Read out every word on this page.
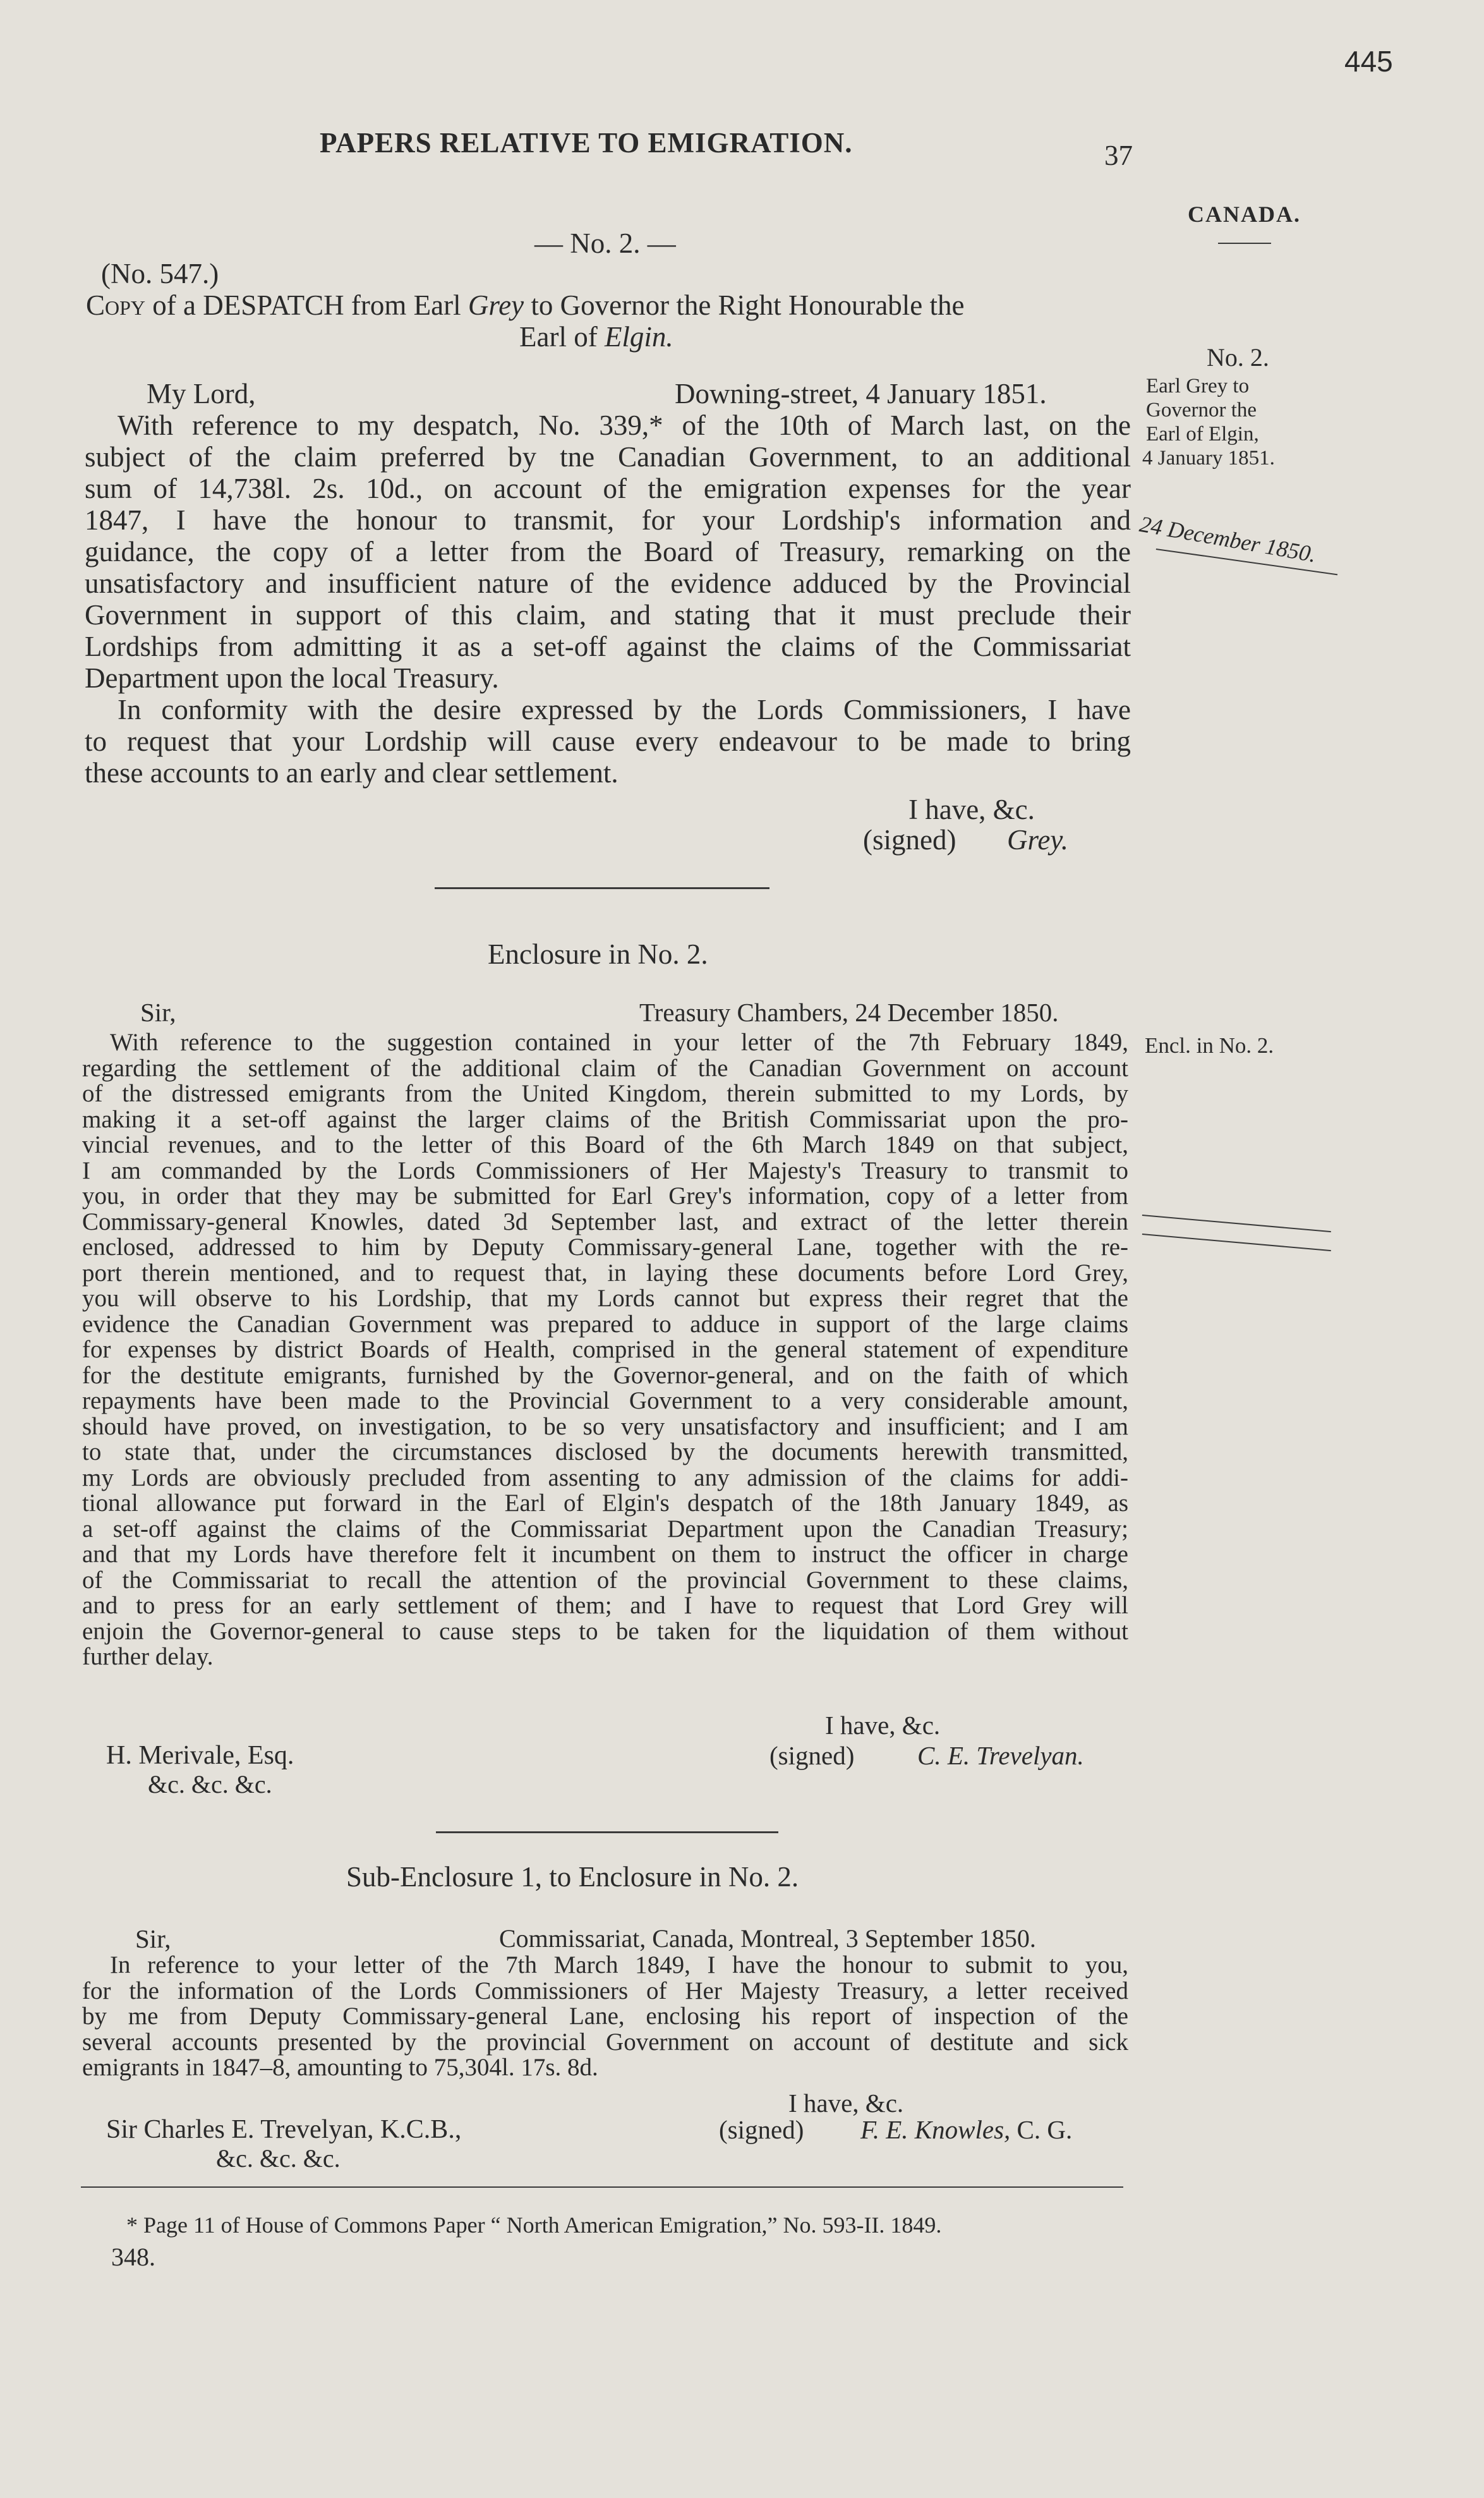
445
PAPERS RELATIVE TO EMIGRATION.	37
CANADA.
No. 2.
Earl Grey to
Governor the
Earl of Elgin,
4 January 1851.
24 December 1850.
Encl. in No. 2.
— No. 2. —
(No. 547.)
Copy of a DESPATCH from Earl Grey to Governor the Right Honourable the
Earl of Elgin.
My Lord,	Downing-street, 4 January 1851.
With reference to my despatch, No. 339,* of the 10th of March last, on the
subject of the claim preferred by tne Canadian Government, to an additional
sum of 14,738l. 2s. 10d., on account of the emigration expenses for the year
1847, I have the honour to transmit, for your Lordship's information and
guidance, the copy of a letter from the Board of Treasury, remarking on the
unsatisfactory and insufficient nature of the evidence adduced by the Provincial
Government in support of this claim, and stating that it must preclude their
Lordships from admitting it as a set-off against the claims of the Commissariat
Department upon the local Treasury.
In conformity with the desire expressed by the Lords Commissioners, I have
to request that your Lordship will cause every endeavour to be made to bring
these accounts to an early and clear settlement.
I have, &c.
(signed) Grey.
Enclosure in No. 2.
Sir,	Treasury Chambers, 24 December 1850.
With reference to the suggestion contained in your letter of the 7th February 1849,
regarding the settlement of the additional claim of the Canadian Government on account
of the distressed emigrants from the United Kingdom, therein submitted to my Lords, by
making it a set-off against the larger claims of the British Commissariat upon the pro-
vincial revenues, and to the letter of this Board of the 6th March 1849 on that subject,
I am commanded by the Lords Commissioners of Her Majesty's Treasury to transmit to
you, in order that they may be submitted for Earl Grey's information, copy of a letter from
Commissary-general Knowles, dated 3d September last, and extract of the letter therein
enclosed, addressed to him by Deputy Commissary-general Lane, together with the re-
port therein mentioned, and to request that, in laying these documents before Lord Grey,
you will observe to his Lordship, that my Lords cannot but express their regret that the
evidence the Canadian Government was prepared to adduce in support of the large claims
for expenses by district Boards of Health, comprised in the general statement of expenditure
for the destitute emigrants, furnished by the Governor-general, and on the faith of which
repayments have been made to the Provincial Government to a very considerable amount,
should have proved, on investigation, to be so very unsatisfactory and insufficient; and I am
to state that, under the circumstances disclosed by the documents herewith transmitted,
my Lords are obviously precluded from assenting to any admission of the claims for addi-
tional allowance put forward in the Earl of Elgin's despatch of the 18th January 1849, as
a set-off against the claims of the Commissariat Department upon the Canadian Treasury;
and that my Lords have therefore felt it incumbent on them to instruct the officer in charge
of the Commissariat to recall the attention of the provincial Government to these claims,
and to press for an early settlement of them; and I have to request that Lord Grey will
enjoin the Governor-general to cause steps to be taken for the liquidation of them without
further delay.
I have, &c.
H. Merivale, Esq.	(signed) C. E. Trevelyan.
&c. &c. &c.
Sub-Enclosure 1, to Enclosure in No. 2.
Sir,	Commissariat, Canada, Montreal, 3 September 1850.
In reference to your letter of the 7th March 1849, I have the honour to submit to you,
for the information of the Lords Commissioners of Her Majesty Treasury, a letter received
by me from Deputy Commissary-general Lane, enclosing his report of inspection of the
several accounts presented by the provincial Government on account of destitute and sick
emigrants in 1847–8, amounting to 75,304l. 17s. 8d.
I have, &c.
Sir Charles E. Trevelyan, K.C.B.,	(signed) F. E. Knowles, C. G.
&c. &c. &c.
* Page 11 of House of Commons Paper “ North American Emigration,” No. 593-II. 1849.
348.
